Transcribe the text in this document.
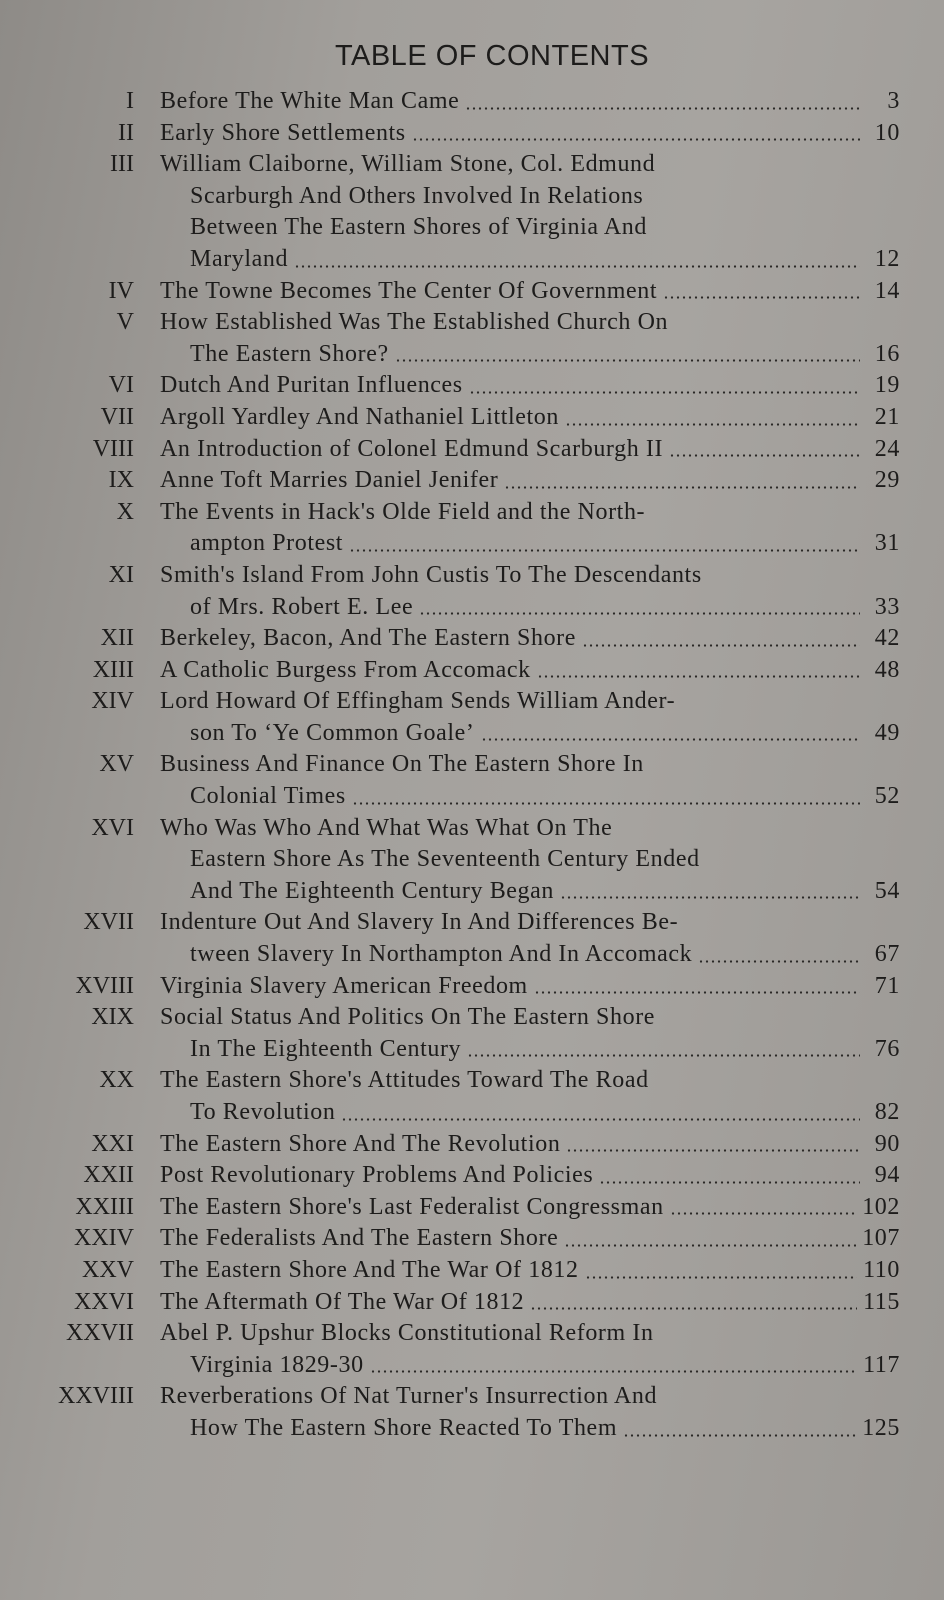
TABLE OF CONTENTS
I	Before The White Man Came	3
II	Early Shore Settlements	10
III	William Claiborne, William Stone, Col. Edmund
Scarburgh And Others Involved In Relations
Between The Eastern Shores of Virginia And
Maryland	12
IV	The Towne Becomes The Center Of Government	14
V	How Established Was The Established Church On
The Eastern Shore?	16
VI	Dutch And Puritan Influences	19
VII	Argoll Yardley And Nathaniel Littleton	21
VIII	An Introduction of Colonel Edmund Scarburgh II	24
IX	Anne Toft Marries Daniel Jenifer	29
X	The Events in Hack's Olde Field and the North-
ampton Protest	31
XI	Smith's Island From John Custis To The Descendants
of Mrs. Robert E. Lee	33
XII	Berkeley, Bacon, And The Eastern Shore	42
XIII	A Catholic Burgess From Accomack	48
XIV	Lord Howard Of Effingham Sends William Ander-
son To ‘Ye Common Goale’	49
XV	Business And Finance On The Eastern Shore In
Colonial Times	52
XVI	Who Was Who And What Was What On The
Eastern Shore As The Seventeenth Century Ended
And The Eighteenth Century Began	54
XVII	Indenture Out And Slavery In And Differences Be-
tween Slavery In Northampton And In Accomack	67
XVIII	Virginia Slavery American Freedom	71
XIX	Social Status And Politics On The Eastern Shore
In The Eighteenth Century	76
XX	The Eastern Shore's Attitudes Toward The Road
To Revolution	82
XXI	The Eastern Shore And The Revolution	90
XXII	Post Revolutionary Problems And Policies	94
XXIII	The Eastern Shore's Last Federalist Congressman	102
XXIV	The Federalists And The Eastern Shore	107
XXV	The Eastern Shore And The War Of 1812	110
XXVI	The Aftermath Of The War Of 1812	115
XXVII	Abel P. Upshur Blocks Constitutional Reform In
Virginia 1829-30	117
XXVIII	Reverberations Of Nat Turner's Insurrection And
How The Eastern Shore Reacted To Them	125
